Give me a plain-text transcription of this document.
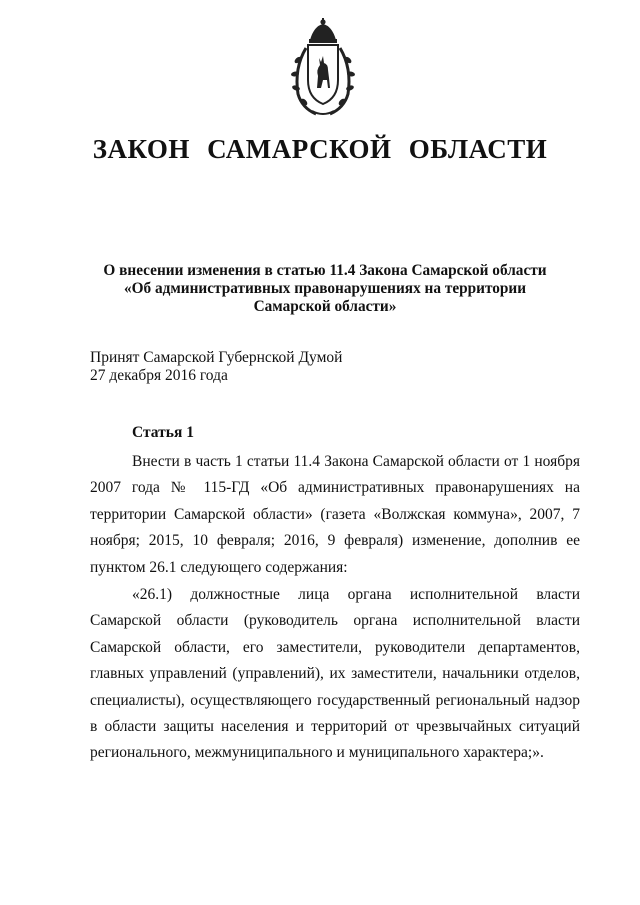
ЗАКОН САМАРСКОЙ ОБЛАСТИ
О внесении изменения в статью 11.4 Закона Самарской области
«Об административных правонарушениях на территории
Самарской области»
Принят Самарской Губернской Думой
27 декабря 2016 года
Статья 1

Внести в часть 1 статьи 11.4 Закона Самарской области от 1 ноября 2007 года № 115-ГД «Об административных правонарушениях на территории Самарской области» (газета «Волжская коммуна», 2007, 7 ноября; 2015, 10 февраля; 2016, 9 февраля) изменение, дополнив ее пунктом 26.1 следующего содержания:

«26.1) должностные лица органа исполнительной власти Самарской области (руководитель органа исполнительной власти Самарской области, его заместители, руководители департаментов, главных управлений (управлений), их заместители, начальники отделов, специалисты), осуществляющего государственный региональный надзор в области защиты населения и территорий от чрезвычайных ситуаций регионального, межмуниципального и муниципального характера;».
